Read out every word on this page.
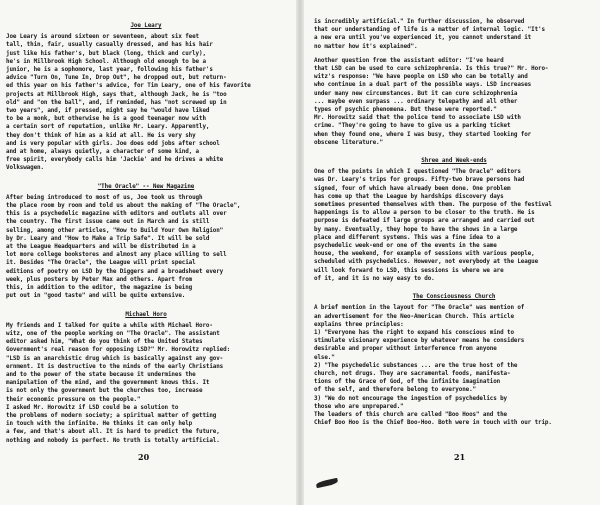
Joe Leary
Joe Leary is around sixteen or seventeen, about six feet
tall, thin, fair, usually casually dressed, and has his hair
just like his father's, but black (long, thick and curly),
he's in Millbrook High School. Although old enough to be a
junior, he is a sophomore, last year, following his father's
advice "Turn On, Tune In, Drop Out", he dropped out, but return-
ed this year on his father's advice, for Tim Leary, one of his favorite
projects at Millbrook High, says that, although Jack, he is "too
old" and "on the ball", and, if reminded, has "not screwed up in
two years", and, if pressed, might say he "would have liked
to be a monk, but otherwise he is a good teenager now with
a certain sort of reputation, unlike Mr. Leary. Apparently,
they don't think of him as a kid at all. He is very shy
and is very popular with girls. Joe does odd jobs after school
and at home, always quietly, a character of some kind, a
free spirit, everybody calls him 'Jackie' and he drives a white
Volkswagen.
"The Oracle" -- New Magazine
After being introduced to most of us, Joe took us through
the place room by room and told us about the making of "The Oracle",
this is a psychedelic magazine with editors and outlets all over
the country. The first issue came out in March and is still
selling, among other articles, "How to Build Your Own Religion"
by Dr. Leary and "How to Make a Trip Safe". It will be sold
at the League Headquarters and will be distributed in a
lot more college bookstores and almost any place willing to sell
it. Besides "The Oracle", the League will print special
editions of poetry on LSD by the Diggers and a broadsheet every
week, plus posters by Peter Max and others. Apart from
this, in addition to the editor, the magazine is being
put out in "good taste" and will be quite extensive.
Michael Horo
My friends and I talked for quite a while with Michael Horo-
witz, one of the people working on "The Oracle". The assistant
editor asked him, "What do you think of the United States
Government's real reason for opposing LSD?" Mr. Horowitz replied:
"LSD is an anarchistic drug which is basically against any gov-
ernment. It is destructive to the minds of the early Christians
and to the power of the state because it undermines the
manipulation of the mind, and the government knows this. It
is not only the government but the churches too, increase
their economic pressure on the people."
I asked Mr. Horowitz if LSD could be a solution to
the problems of modern society; a spiritual matter of getting
in touch with the infinite. He thinks it can only help
a few, and that's about all. It is hard to predict the future,
nothing and nobody is perfect. No truth is totally artificial.
is incredibly artificial." In further discussion, he observed
that our understanding of life is a matter of internal logic. "It's
a new era until you've experienced it, you cannot understand it
no matter how it's explained".
Another question from the assistant editor: "I've heard
that LSD can be used to cure schizophrenia. Is this true?" Mr. Horo-
witz's response: "We have people on LSD who can be totally and
who continue in a dual part of the possible ways. LSD increases
under many new circumstances. But it can cure schizophrenia
... maybe even surpass ... ordinary telepathy and all other
types of psychic phenomena. But these were reported."
Mr. Horowitz said that the police tend to associate LSD with
crime. "They're going to have to give us a parking ticket
when they found one, where I was busy, they started looking for
obscene literature."
Shree and Week-ends
One of the points in which I questioned "The Oracle" editors
was Dr. Leary's trips for groups. Fifty-two brave persons had
signed, four of which have already been done. One problem
has come up that the League by hardships discovery days
sometimes presented themselves with them. The purpose of the festival
happenings is to allow a person to be closer to the truth. He is
purpose is defeated if large groups are arranged and carried out
by many. Eventually, they hope to have the shows in a large
place and different systems. This was a fine idea to a
psychedelic week-end or one of the events in the same
house, the weekend, for example of sessions with various people,
scheduled with psychedelics. However, not everybody at the League
will look forward to LSD, this sessions is where we are
of it, and it is no way easy to do.
The Consciousness Church
A brief mention in the layout for "The Oracle" was mention of
an advertisement for the Neo-American Church. This article
explains three principles:
1) "Everyone has the right to expand his conscious mind to
stimulate visionary experience by whatever means he considers
desirable and proper without interference from anyone
else."
2) "The psychedelic substances ... are the true host of the
church, not drugs. They are sacramental foods, manifesta-
tions of the Grace of God, of the infinite imagination
of the self, and therefore belong to everyone."
3) "We do not encourage the ingestion of psychedelics by
those who are unprepared."
The leaders of this church are called "Boo Hoos" and the
Chief Boo Hoo is the Chief Boo-Hoo. Both were in touch with our trip.
20	21
